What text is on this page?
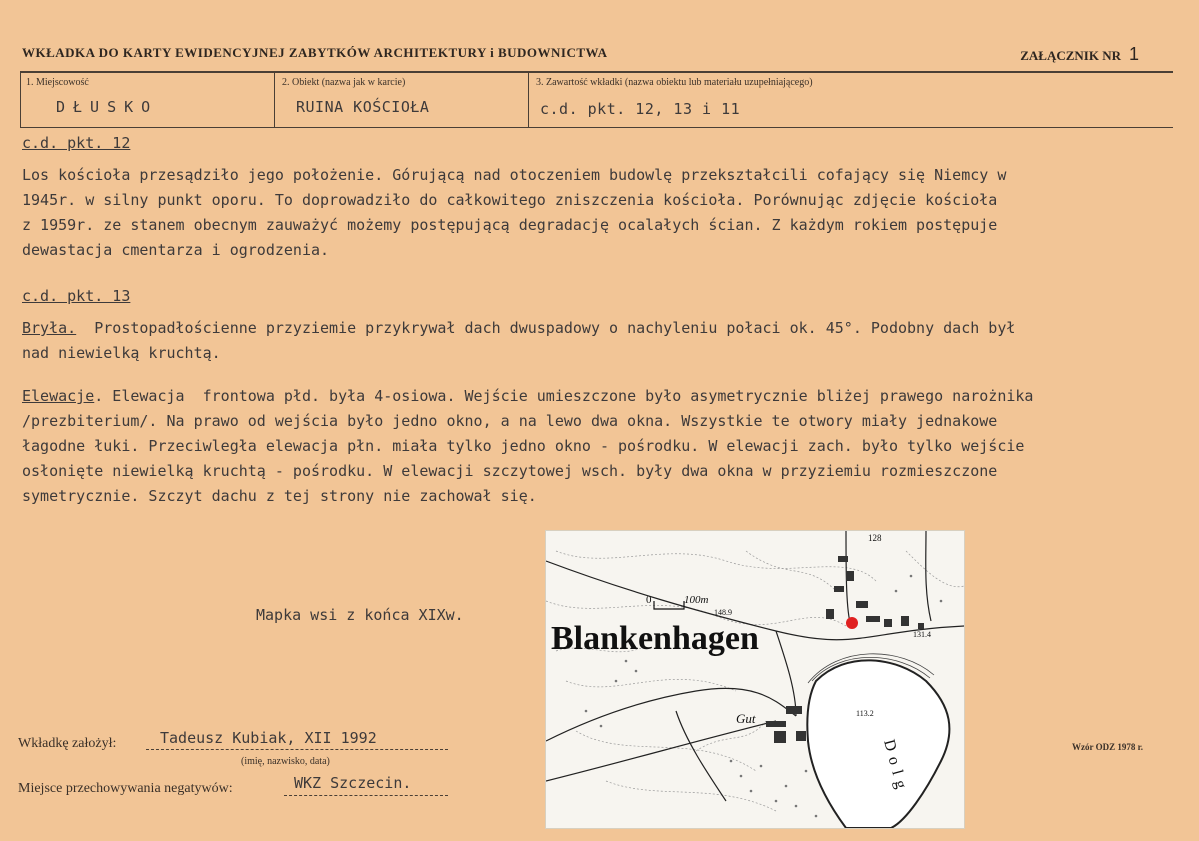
WKŁADKA DO KARTY EWIDENCYJNEJ ZABYTKÓW ARCHITEKTURY i BUDOWNICTWA	ZAŁĄCZNIK NR 1
1. Miejscowość
DŁUSKO
2. Obiekt (nazwa jak w karcie)
RUINA KOŚCIOŁA
3. Zawartość wkładki (nazwa obiektu lub materiału uzupełniającego)
c.d. pkt. 12, 13 i 11
c.d. pkt. 12
Los kościoła przesądziło jego położenie. Górującą nad otoczeniem budowlę przekształcili cofający się Niemcy w
1945r. w silny punkt oporu. To doprowadziło do całkowitego zniszczenia kościoła. Porównując zdjęcie kościoła
z 1959r. ze stanem obecnym zauważyć możemy postępującą degradację ocalałych ścian. Z każdym rokiem postępuje
dewastacja cmentarza i ogrodzenia.
c.d. pkt. 13
Bryła.  Prostopadłościenne przyziemie przykrywał dach dwuspadowy o nachyleniu połaci ok. 45°. Podobny dach był
nad niewielką kruchtą.
Elewacje. Elewacja  frontowa płd. była 4-osiowa. Wejście umieszczone było asymetrycznie bliżej prawego narożnika
/prezbiterium/. Na prawo od wejścia było jedno okno, a na lewo dwa okna. Wszystkie te otwory miały jednakowe
łagodne łuki. Przeciwległa elewacja płn. miała tylko jedno okno - pośrodku. W elewacji zach. było tylko wejście
osłonięte niewielką kruchtą - pośrodku. W elewacji szczytowej wsch. były dwa okna w przyziemiu rozmieszczone
symetrycznie. Szczyt dachu z tej strony nie zachował się.
Mapka wsi z końca XIXw.
0	100m
Blankenhagen
128
148.9
131.4
113.2
Gut
Dolg
Wkładkę założył:	Tadeusz Kubiak, XII 1992
(imię, nazwisko, data)
Miejsce przechowywania negatywów:	WKZ Szczecin.
Wzór ODZ 1978 r.
